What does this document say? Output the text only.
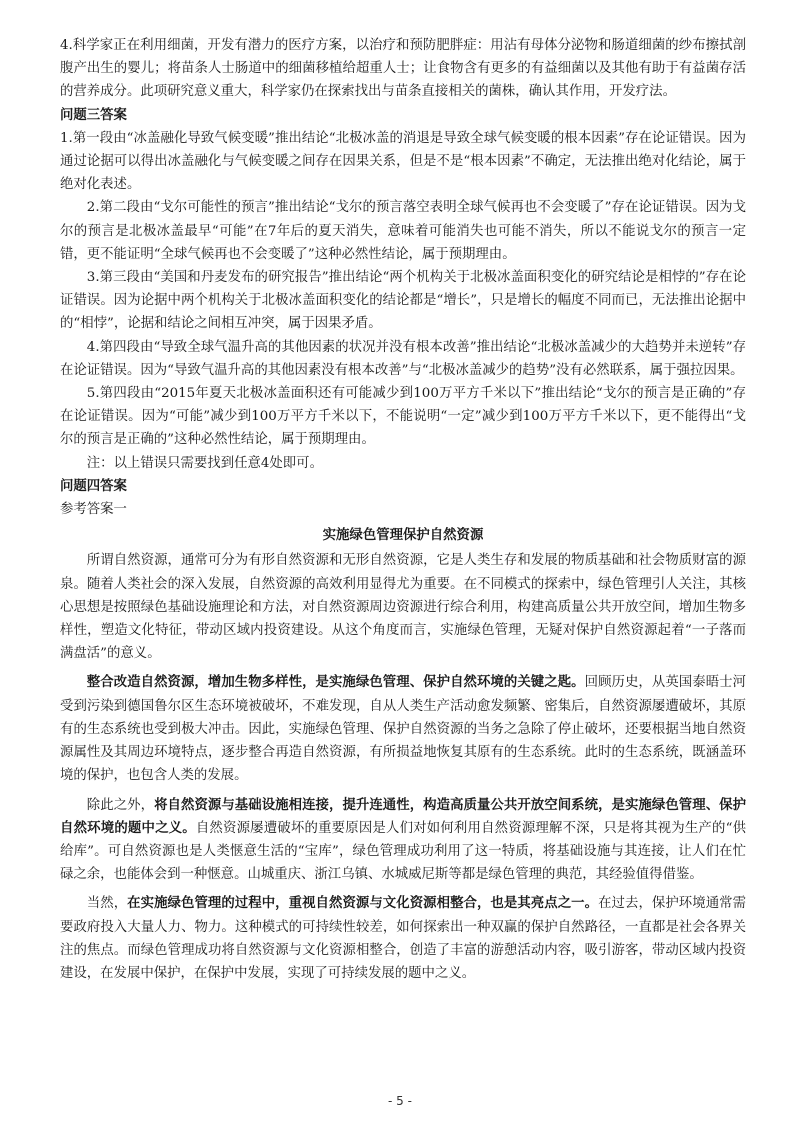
4.科学家正在利用细菌，开发有潜力的医疗方案，以治疗和预防肥胖症：用沾有母体分泌物和肠道细菌的纱布擦拭剖腹产出生的婴儿；将苗条人士肠道中的细菌移植给超重人士；让食物含有更多的有益细菌以及其他有助于有益菌存活的营养成分。此项研究意义重大，科学家仍在探索找出与苗条直接相关的菌株，确认其作用，开发疗法。

问题三答案

1.第一段由“冰盖融化导致气候变暖”推出结论“北极冰盖的消退是导致全球气候变暖的根本因素”存在论证错误。因为通过论据可以得出冰盖融化与气候变暖之间存在因果关系，但是不是“根本因素”不确定，无法推出绝对化结论，属于绝对化表述。

2.第二段由“戈尔可能性的预言”推出结论“戈尔的预言落空表明全球气候再也不会变暖了”存在论证错误。因为戈尔的预言是北极冰盖最早“可能”在7年后的夏天消失，意味着可能消失也可能不消失，所以不能说戈尔的预言一定错，更不能证明“全球气候再也不会变暖了”这种必然性结论，属于预期理由。

3.第三段由“美国和丹麦发布的研究报告”推出结论“两个机构关于北极冰盖面积变化的研究结论是相悖的”存在论证错误。因为论据中两个机构关于北极冰盖面积变化的结论都是“增长”，只是增长的幅度不同而已，无法推出论据中的“相悖”，论据和结论之间相互冲突，属于因果矛盾。

4.第四段由“导致全球气温升高的其他因素的状况并没有根本改善”推出结论“北极冰盖减少的大趋势并未逆转”存在论证错误。因为“导致气温升高的其他因素没有根本改善”与“北极冰盖减少的趋势”没有必然联系，属于强拉因果。

5.第四段由“2015年夏天北极冰盖面积还有可能减少到100万平方千米以下”推出结论“戈尔的预言是正确的”存在论证错误。因为“可能”减少到100万平方千米以下，不能说明“一定”减少到100万平方千米以下，更不能得出“戈尔的预言是正确的”这种必然性结论，属于预期理由。

注：以上错误只需要找到任意4处即可。

问题四答案

参考答案一

实施绿色管理保护自然资源

所谓自然资源，通常可分为有形自然资源和无形自然资源，它是人类生存和发展的物质基础和社会物质财富的源泉。随着人类社会的深入发展，自然资源的高效利用显得尤为重要。在不同模式的探索中，绿色管理引人关注，其核心思想是按照绿色基础设施理论和方法，对自然资源周边资源进行综合利用，构建高质量公共开放空间，增加生物多样性，塑造文化特征，带动区域内投资建设。从这个角度而言，实施绿色管理，无疑对保护自然资源起着“一子落而满盘活”的意义。

整合改造自然资源，增加生物多样性，是实施绿色管理、保护自然环境的关键之匙。回顾历史，从英国泰晤士河受到污染到德国鲁尔区生态环境被破坏，不难发现，自从人类生产活动愈发频繁、密集后，自然资源屡遭破坏，其原有的生态系统也受到极大冲击。因此，实施绿色管理、保护自然资源的当务之急除了停止破坏，还要根据当地自然资源属性及其周边环境特点，逐步整合再造自然资源，有所损益地恢复其原有的生态系统。此时的生态系统，既涵盖环境的保护，也包含人类的发展。

除此之外，将自然资源与基础设施相连接，提升连通性，构造高质量公共开放空间系统，是实施绿色管理、保护自然环境的题中之义。自然资源屡遭破坏的重要原因是人们对如何利用自然资源理解不深，只是将其视为生产的“供给库”。可自然资源也是人类惬意生活的“宝库”，绿色管理成功利用了这一特质，将基础设施与其连接，让人们在忙碌之余，也能体会到一种惬意。山城重庆、浙江乌镇、水城威尼斯等都是绿色管理的典范，其经验值得借鉴。

当然，在实施绿色管理的过程中，重视自然资源与文化资源相整合，也是其亮点之一。在过去，保护环境通常需要政府投入大量人力、物力。这种模式的可持续性较差，如何探索出一种双赢的保护自然路径，一直都是社会各界关注的焦点。而绿色管理成功将自然资源与文化资源相整合，创造了丰富的游憩活动内容，吸引游客，带动区域内投资建设，在发展中保护，在保护中发展，实现了可持续发展的题中之义。

- 5 -
